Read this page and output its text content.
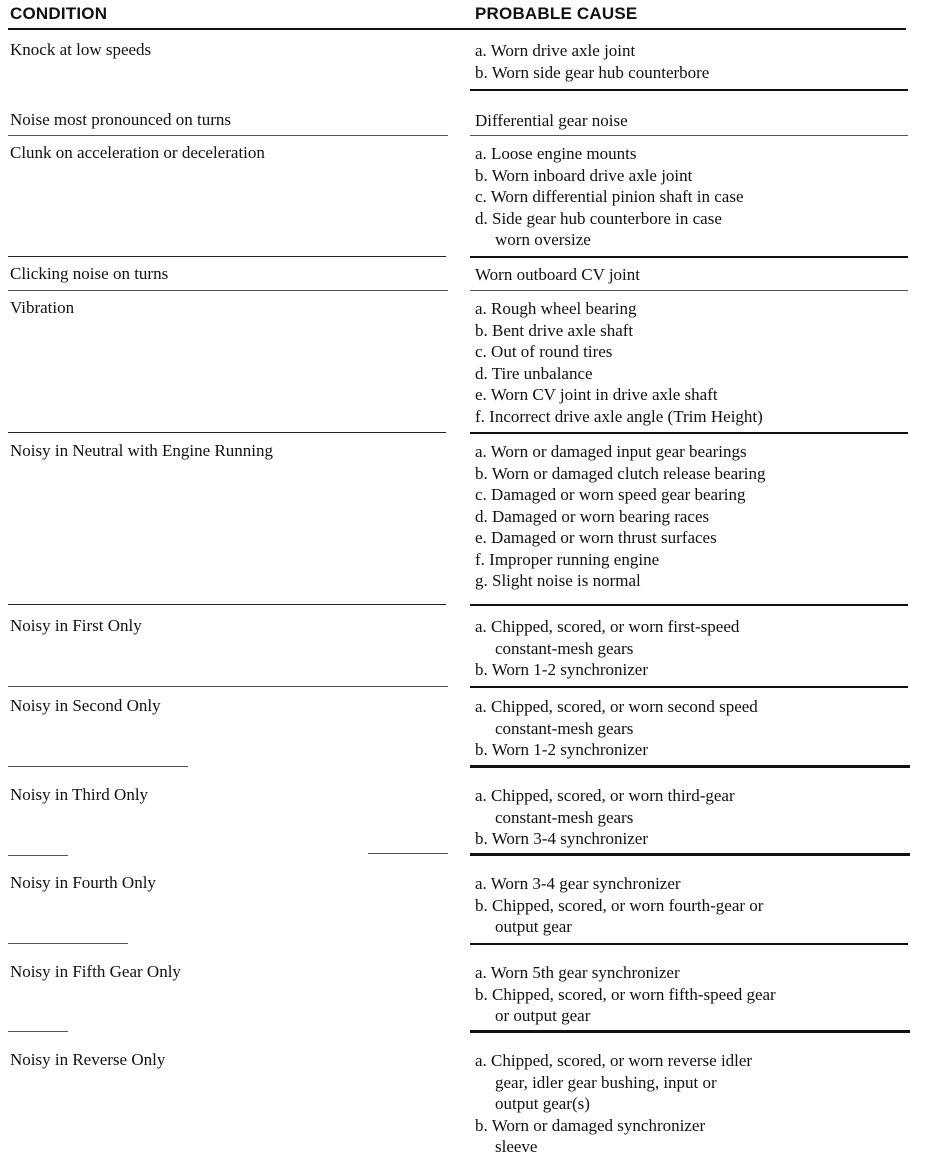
CONDITION	PROBABLE CAUSE
Knock at low speeds	a. Worn drive axle joint
b. Worn side gear hub counterbore
Noise most pronounced on turns	Differential gear noise
Clunk on acceleration or deceleration	a. Loose engine mounts
b. Worn inboard drive axle joint
c. Worn differential pinion shaft in case
d. Side gear hub counterbore in case
worn oversize
Clicking noise on turns	Worn outboard CV joint
Vibration	a. Rough wheel bearing
b. Bent drive axle shaft
c. Out of round tires
d. Tire unbalance
e. Worn CV joint in drive axle shaft
f. Incorrect drive axle angle (Trim Height)
Noisy in Neutral with Engine Running	a. Worn or damaged input gear bearings
b. Worn or damaged clutch release bearing
c. Damaged or worn speed gear bearing
d. Damaged or worn bearing races
e. Damaged or worn thrust surfaces
f. Improper running engine
g. Slight noise is normal
Noisy in First Only	a. Chipped, scored, or worn first-speed
constant-mesh gears
b. Worn 1-2 synchronizer
Noisy in Second Only	a. Chipped, scored, or worn second speed
constant-mesh gears
b. Worn 1-2 synchronizer
Noisy in Third Only	a. Chipped, scored, or worn third-gear
constant-mesh gears
b. Worn 3-4 synchronizer
Noisy in Fourth Only	a. Worn 3-4 gear synchronizer
b. Chipped, scored, or worn fourth-gear or
output gear
Noisy in Fifth Gear Only	a. Worn 5th gear synchronizer
b. Chipped, scored, or worn fifth-speed gear
or output gear
Noisy in Reverse Only	a. Chipped, scored, or worn reverse idler
gear, idler gear bushing, input or
output gear(s)
b. Worn or damaged synchronizer
sleeve
